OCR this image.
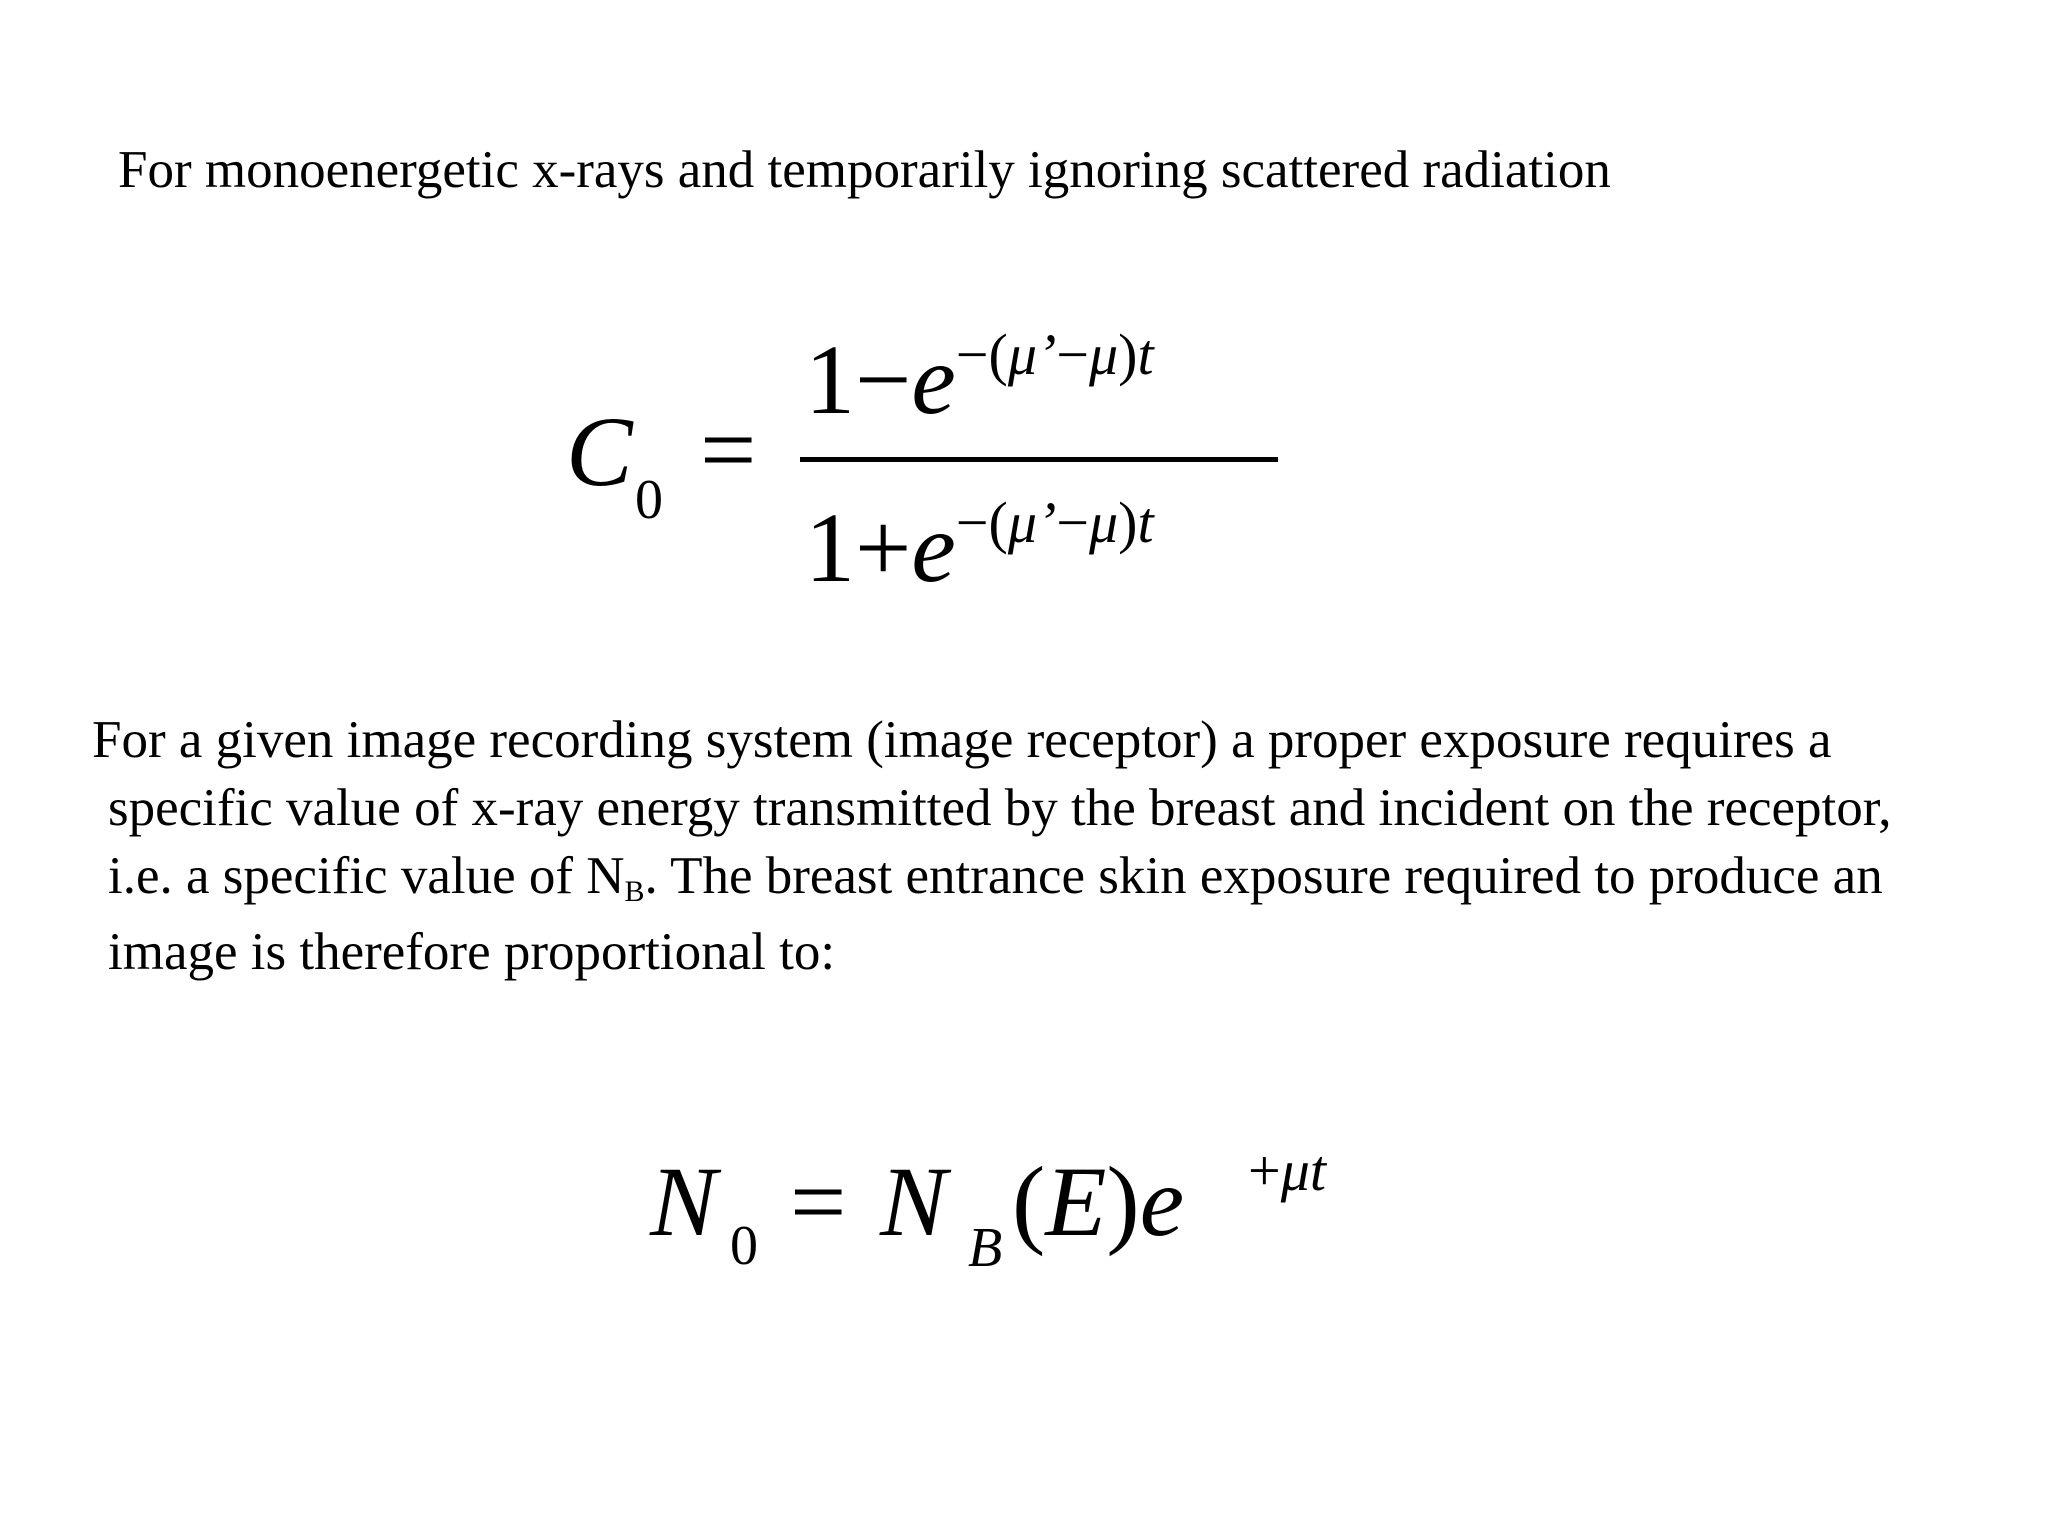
For monoenergetic x-rays and temporarily ignoring scattered radiation
C 0 =
1−e−(μ’−μ)t
1+e−(μ’−μ)t
For a given image recording system (image receptor) a proper exposure requires a
specific value of x-ray energy transmitted by the breast and incident on the receptor,
i.e. a specific value of $N_B$. The breast entrance skin exposure required to produce an
image is therefore proportional to:
N 0 = N B (E)e +μt
